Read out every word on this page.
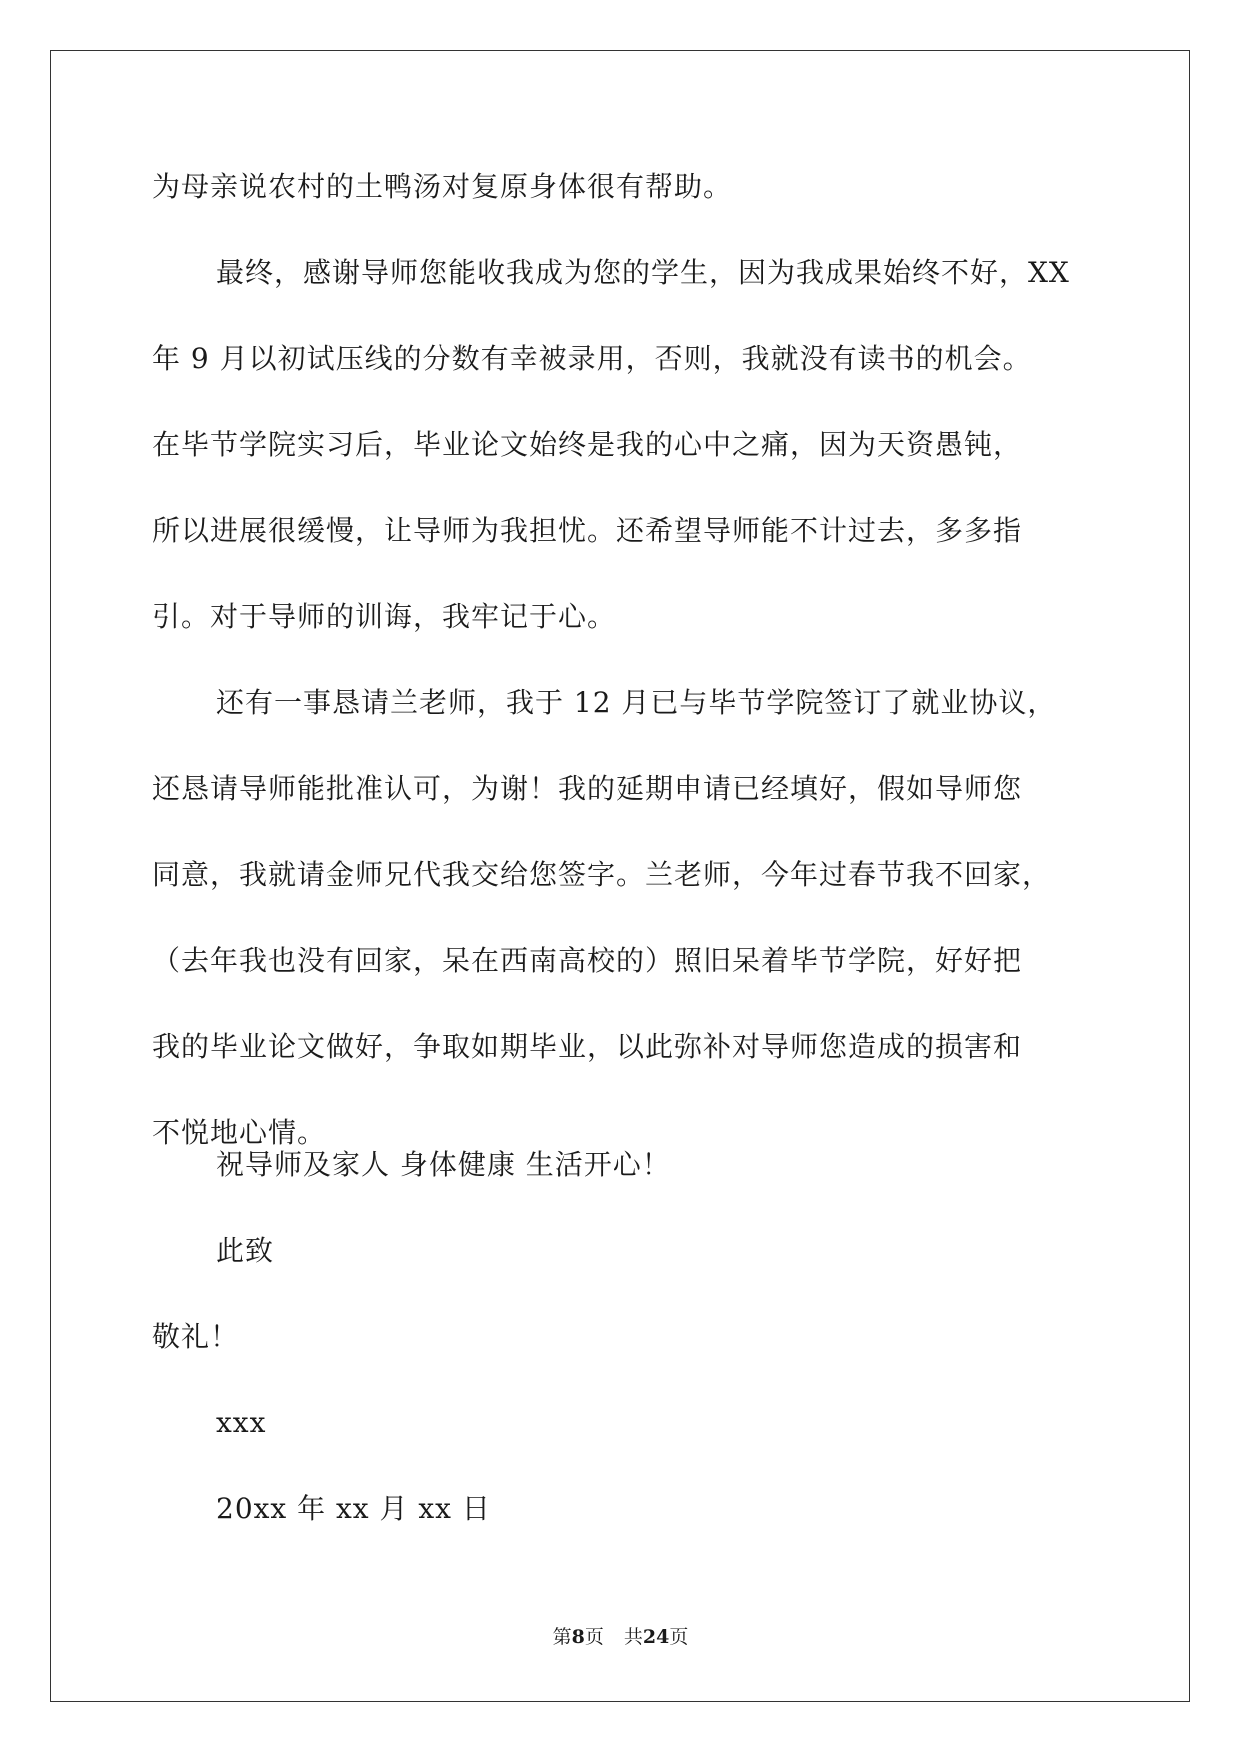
为母亲说农村的土鸭汤对复原身体很有帮助。
最终，感谢导师您能收我成为您的学生，因为我成果始终不好，XX
年 9 月以初试压线的分数有幸被录用，否则，我就没有读书的机会。
在毕节学院实习后，毕业论文始终是我的心中之痛，因为天资愚钝，
所以进展很缓慢，让导师为我担忧。还希望导师能不计过去，多多指
引。对于导师的训诲，我牢记于心。
还有一事恳请兰老师，我于 12 月已与毕节学院签订了就业协议，
还恳请导师能批准认可，为谢！我的延期申请已经填好，假如导师您
同意，我就请金师兄代我交给您签字。兰老师，今年过春节我不回家，
（去年我也没有回家，呆在西南高校的）照旧呆着毕节学院，好好把
我的毕业论文做好，争取如期毕业，以此弥补对导师您造成的损害和
不悦地心情。
祝导师及家人 身体健康 生活开心！
此致
敬礼！
xxx
20xx 年 xx 月 xx 日
第8页 共24页
